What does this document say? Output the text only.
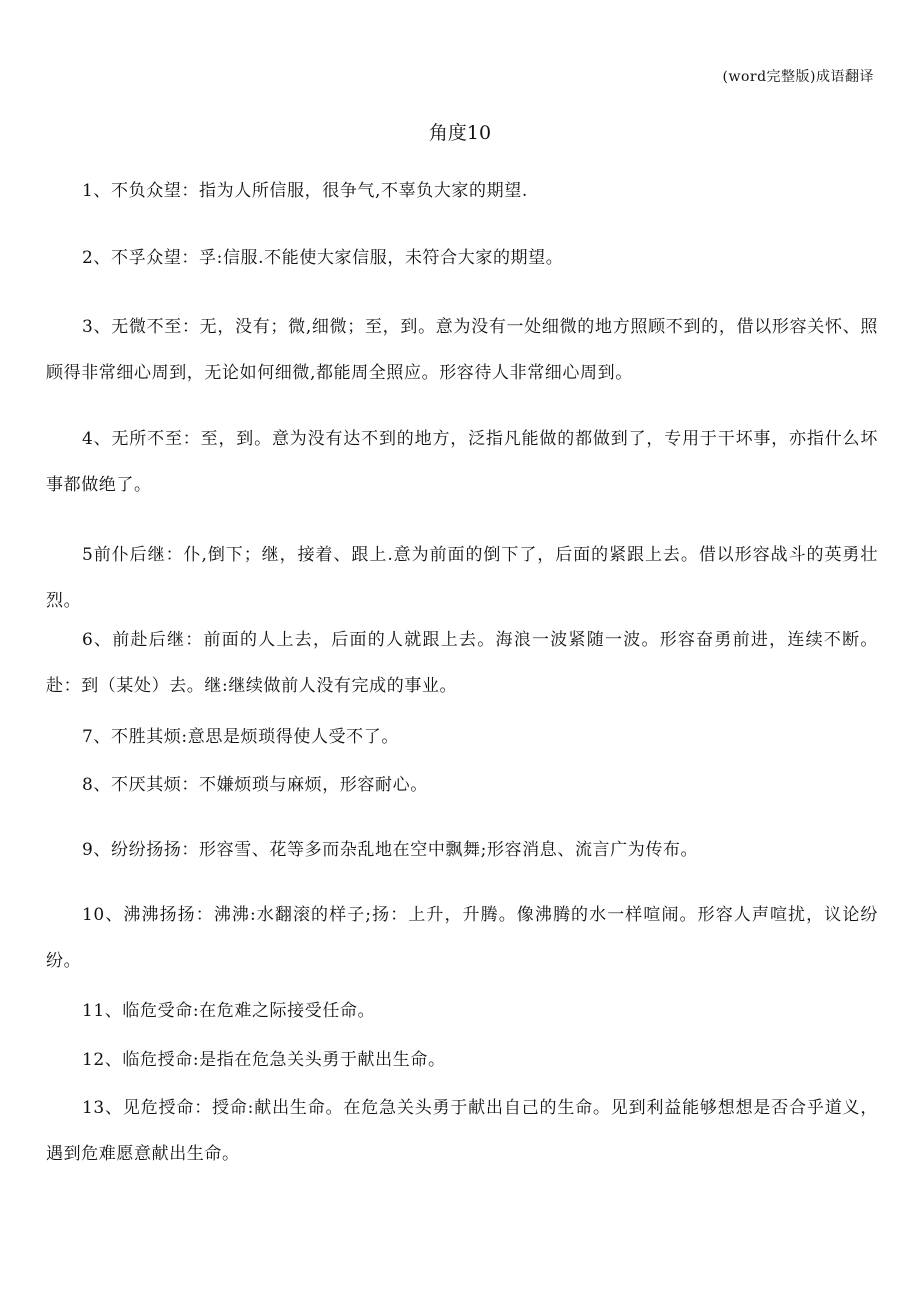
(word完整版)成语翻译
角度10

1、不负众望：指为人所信服，很争气,不辜负大家的期望.

2、不孚众望：孚:信服.不能使大家信服，未符合大家的期望。

3、无微不至：无，没有；微,细微；至，到。意为没有一处细微的地方照顾不到的，借以形容关怀、照顾得非常细心周到，无论如何细微,都能周全照应。形容待人非常细心周到。

4、无所不至：至，到。意为没有达不到的地方，泛指凡能做的都做到了，专用于干坏事，亦指什么坏事都做绝了。

5前仆后继：仆,倒下；继，接着、跟上.意为前面的倒下了，后面的紧跟上去。借以形容战斗的英勇壮烈。

6、前赴后继：前面的人上去，后面的人就跟上去。海浪一波紧随一波。形容奋勇前进，连续不断。赴：到（某处）去。继:继续做前人没有完成的事业。

7、不胜其烦:意思是烦琐得使人受不了。

8、不厌其烦：不嫌烦琐与麻烦，形容耐心。

9、纷纷扬扬：形容雪、花等多而杂乱地在空中飘舞;形容消息、流言广为传布。

10、沸沸扬扬：沸沸:水翻滚的样子;扬：上升，升腾。像沸腾的水一样喧闹。形容人声喧扰，议论纷纷。

11、临危受命:在危难之际接受任命。

12、临危授命:是指在危急关头勇于献出生命。

13、见危授命：授命:献出生命。在危急关头勇于献出自己的生命。见到利益能够想想是否合乎道义，遇到危难愿意献出生命。
